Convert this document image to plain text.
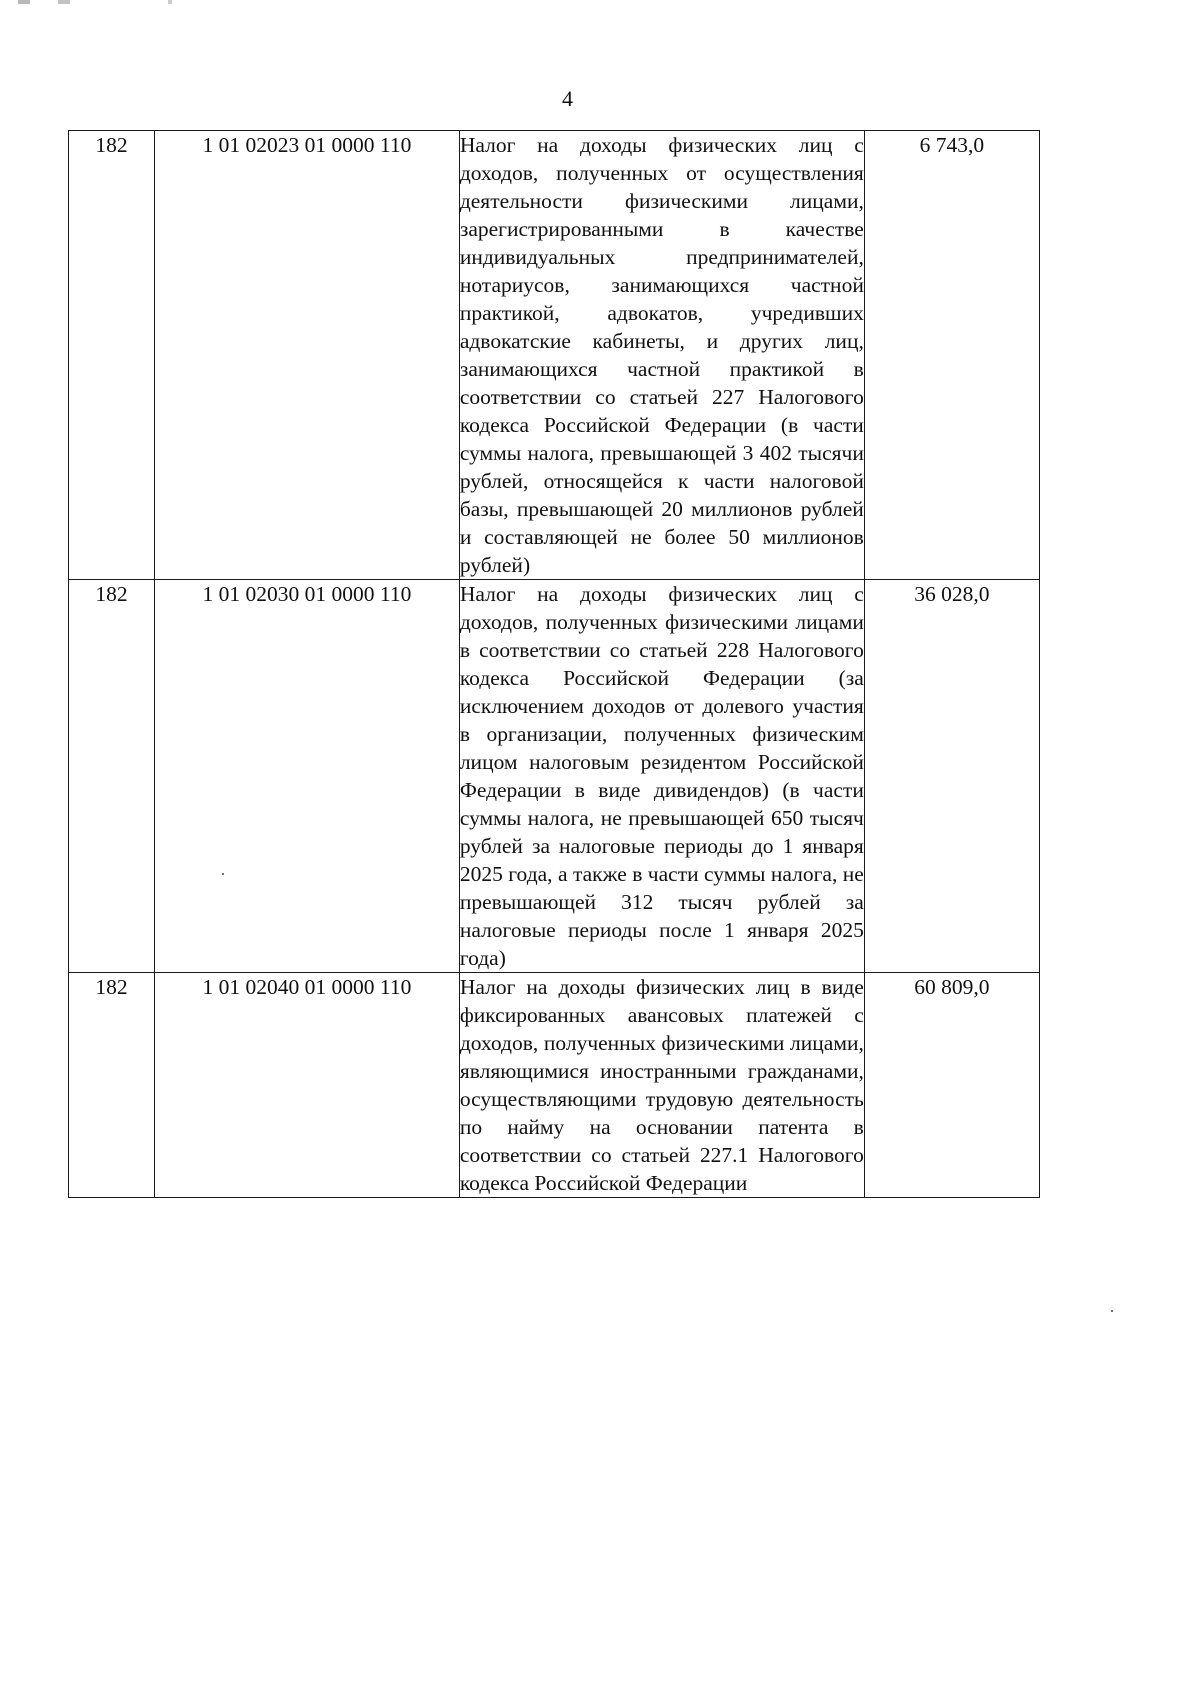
4
182	1 01 02023 01 0000 110	Налог на доходы физических лиц с доходов, полученных от осуществления деятельности физическими лицами, зарегистрированными в качестве индивидуальных предпринимателей, нотариусов, занимающихся частной практикой, адвокатов, учредивших адвокатские кабинеты, и других лиц, занимающихся частной практикой в соответствии со статьей 227 Налогового кодекса Российской Федерации (в части суммы налога, превышающей 3 402 тысячи рублей, относящейся к части налоговой базы, превышающей 20 миллионов рублей и составляющей не более 50 миллионов рублей)	6 743,0
182	1 01 02030 01 0000 110	Налог на доходы физических лиц с доходов, полученных физическими лицами в соответствии со статьей 228 Налогового кодекса Российской Федерации (за исключением доходов от долевого участия в организации, полученных физическим лицом налоговым резидентом Российской Федерации в виде дивидендов) (в части суммы налога, не превышающей 650 тысяч рублей за налоговые периоды до 1 января 2025 года, а также в части суммы налога, не превышающей 312 тысяч рублей за налоговые периоды после 1 января 2025 года)	36 028,0
182	1 01 02040 01 0000 110	Налог на доходы физических лиц в виде фиксированных авансовых платежей с доходов, полученных физическими лицами, являющимися иностранными гражданами, осуществляющими трудовую деятельность по найму на основании патента в соответствии со статьей 227.1 Налогового кодекса Российской Федерации	60 809,0
